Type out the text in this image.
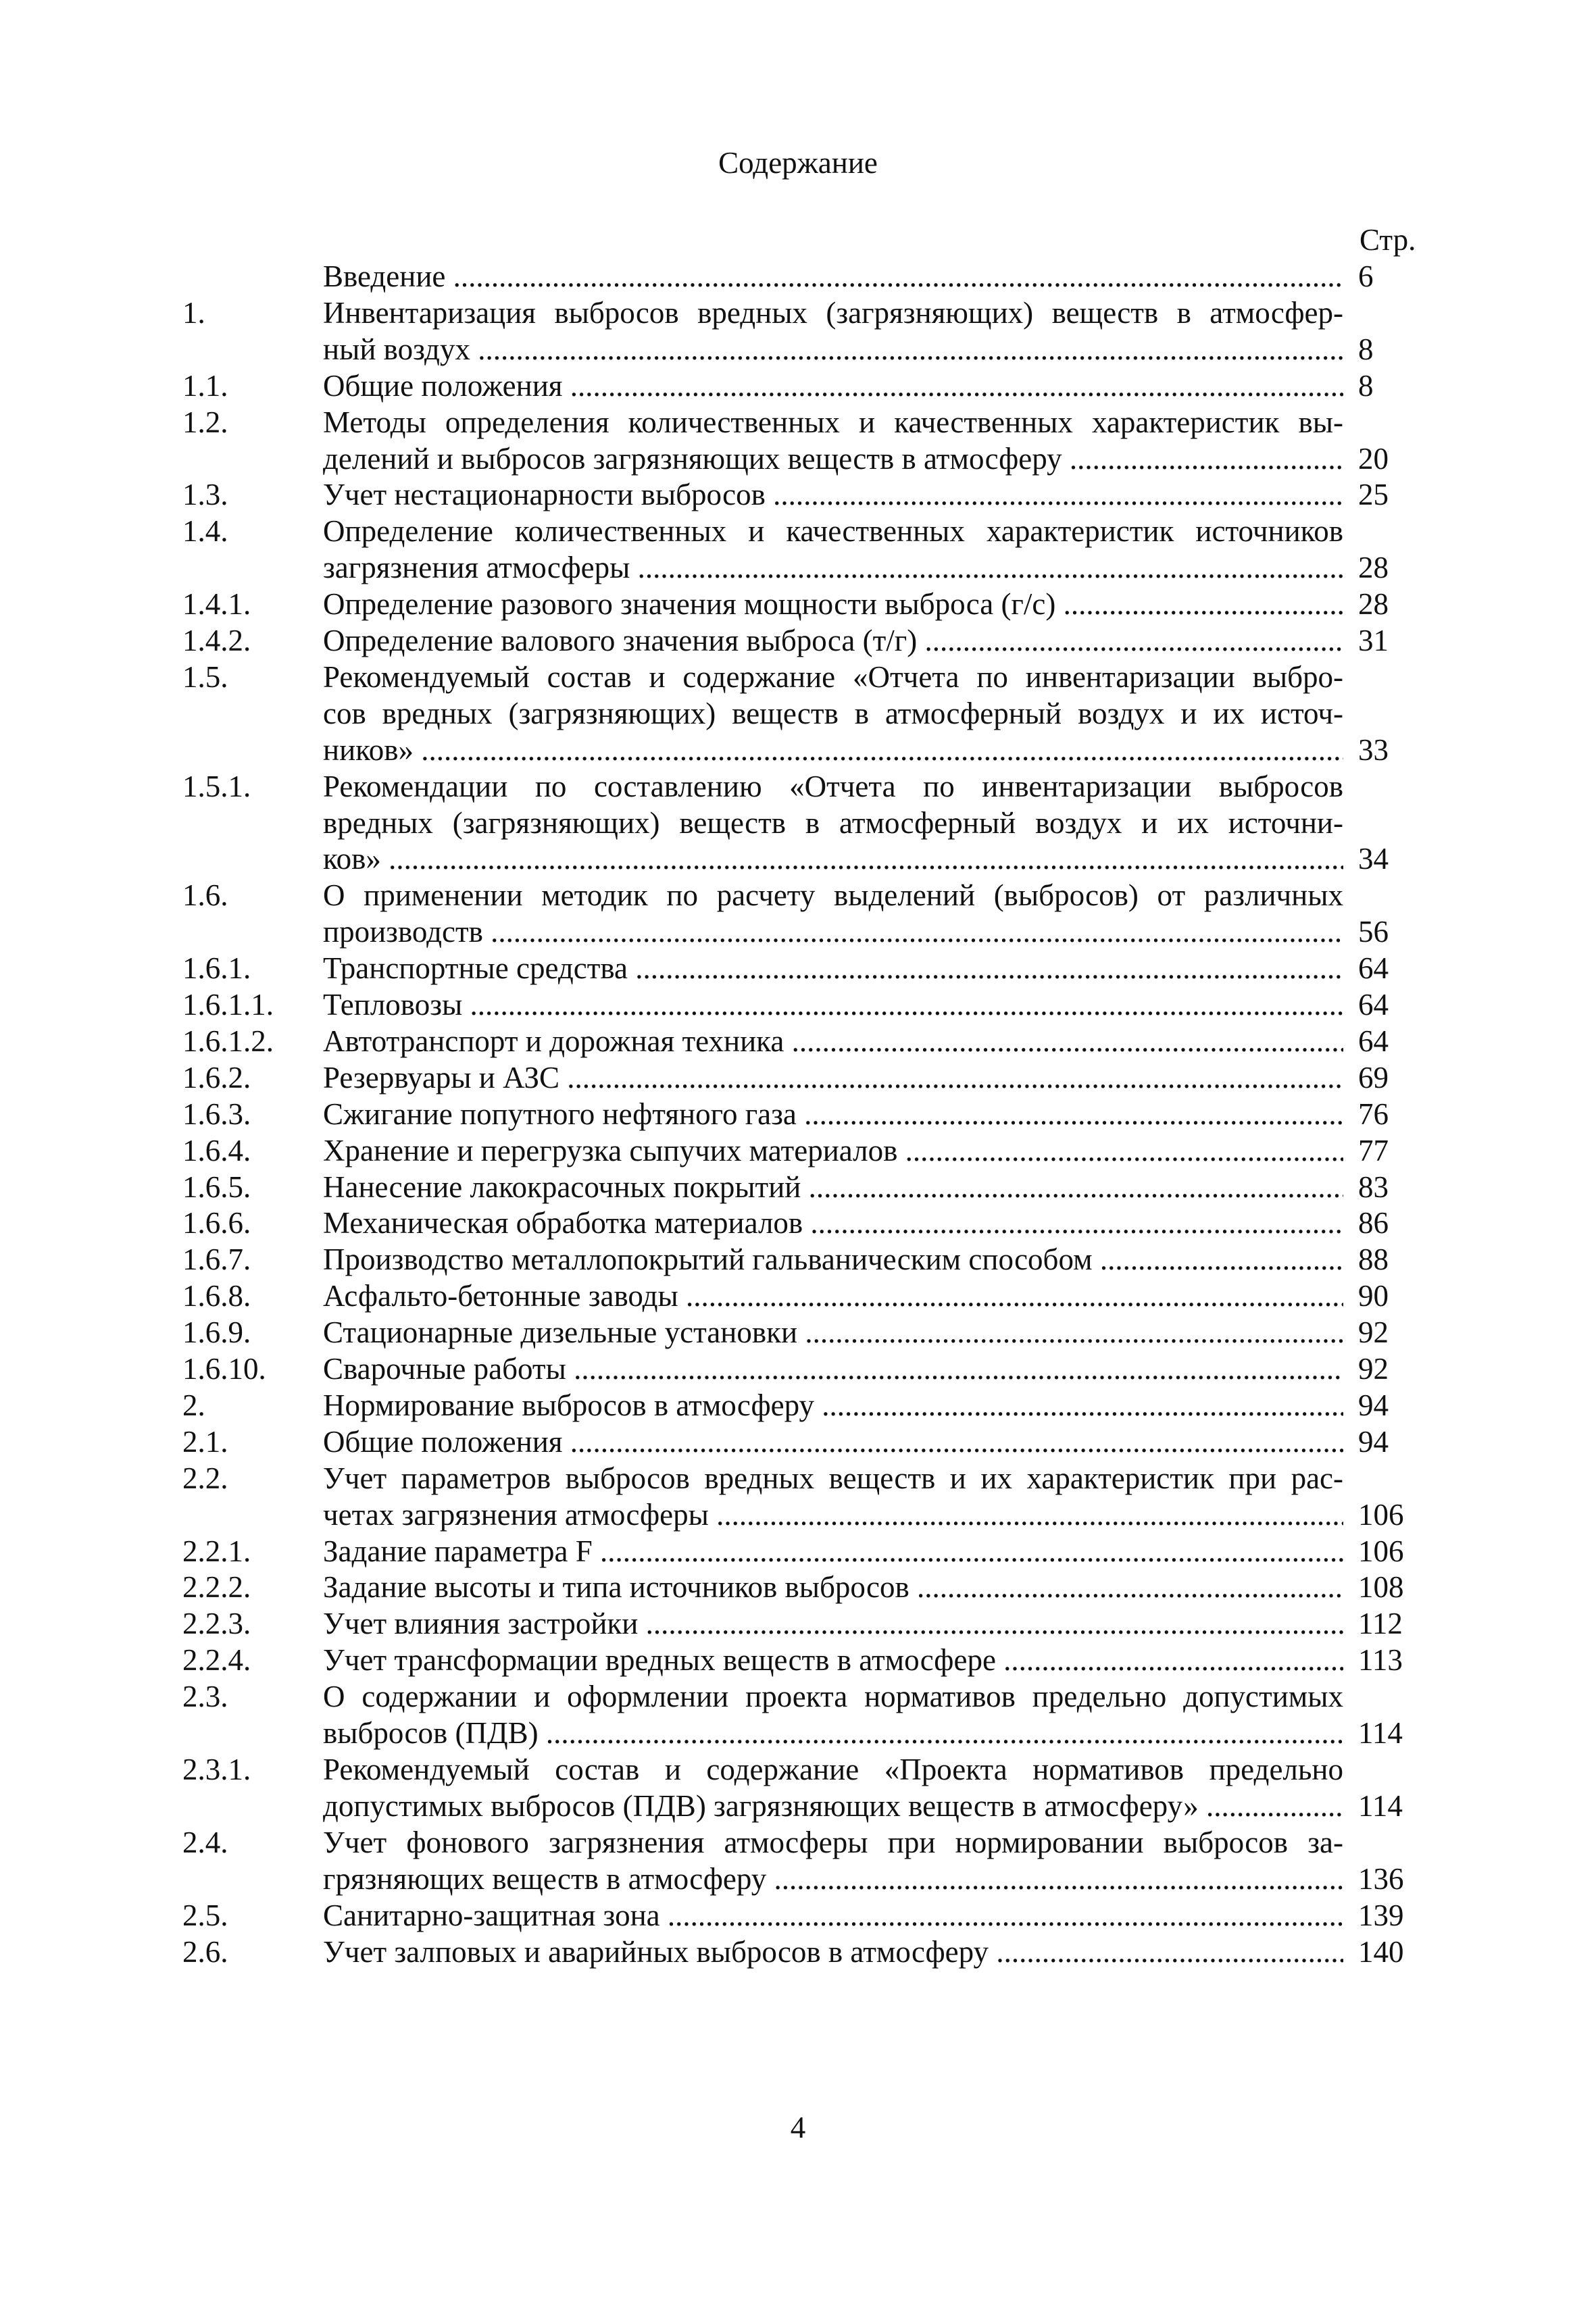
Содержание
Стр.
Введение .....	6
1.	Инвентаризация выбросов вредных (загрязняющих) веществ в атмосфер-
ный воздух .....	8
1.1.	Общие положения .....	8
1.2.	Методы определения количественных и качественных характеристик вы-
делений и выбросов загрязняющих веществ в атмосферу .....	20
1.3.	Учет нестационарности выбросов .....	25
1.4.	Определение количественных и качественных характеристик источников
загрязнения атмосферы .....	28
1.4.1.	Определение разового значения мощности выброса (г/с) .....	28
1.4.2.	Определение валового значения выброса (т/г) .....	31
1.5.	Рекомендуемый состав и содержание «Отчета по инвентаризации выбро-
сов вредных (загрязняющих) веществ в атмосферный воздух и их источ-
ников» .....	33
1.5.1.	Рекомендации по составлению «Отчета по инвентаризации выбросов
вредных (загрязняющих) веществ в атмосферный воздух и их источни-
ков» .....	34
1.6.	О применении методик по расчету выделений (выбросов) от различных
производств .....	56
1.6.1.	Транспортные средства .....	64
1.6.1.1.	Тепловозы .....	64
1.6.1.2.	Автотранспорт и дорожная техника .....	64
1.6.2.	Резервуары и АЗС .....	69
1.6.3.	Сжигание попутного нефтяного газа .....	76
1.6.4.	Хранение и перегрузка сыпучих материалов .....	77
1.6.5.	Нанесение лакокрасочных покрытий .....	83
1.6.6.	Механическая обработка материалов .....	86
1.6.7.	Производство металлопокрытий гальваническим способом .....	88
1.6.8.	Асфальто-бетонные заводы .....	90
1.6.9.	Стационарные дизельные установки .....	92
1.6.10.	Сварочные работы .....	92
2.	Нормирование выбросов в атмосферу .....	94
2.1.	Общие положения .....	94
2.2.	Учет параметров выбросов вредных веществ и их характеристик при рас-
четах загрязнения атмосферы .....	106
2.2.1.	Задание параметра F .....	106
2.2.2.	Задание высоты и типа источников выбросов .....	108
2.2.3.	Учет влияния застройки .....	112
2.2.4.	Учет трансформации вредных веществ в атмосфере .....	113
2.3.	О содержании и оформлении проекта нормативов предельно допустимых
выбросов (ПДВ) .....	114
2.3.1.	Рекомендуемый состав и содержание «Проекта нормативов предельно
допустимых выбросов (ПДВ) загрязняющих веществ в атмосферу» .....	114
2.4.	Учет фонового загрязнения атмосферы при нормировании выбросов за-
грязняющих веществ в атмосферу .....	136
2.5.	Санитарно-защитная зона .....	139
2.6.	Учет залповых и аварийных выбросов в атмосферу .....	140
4
